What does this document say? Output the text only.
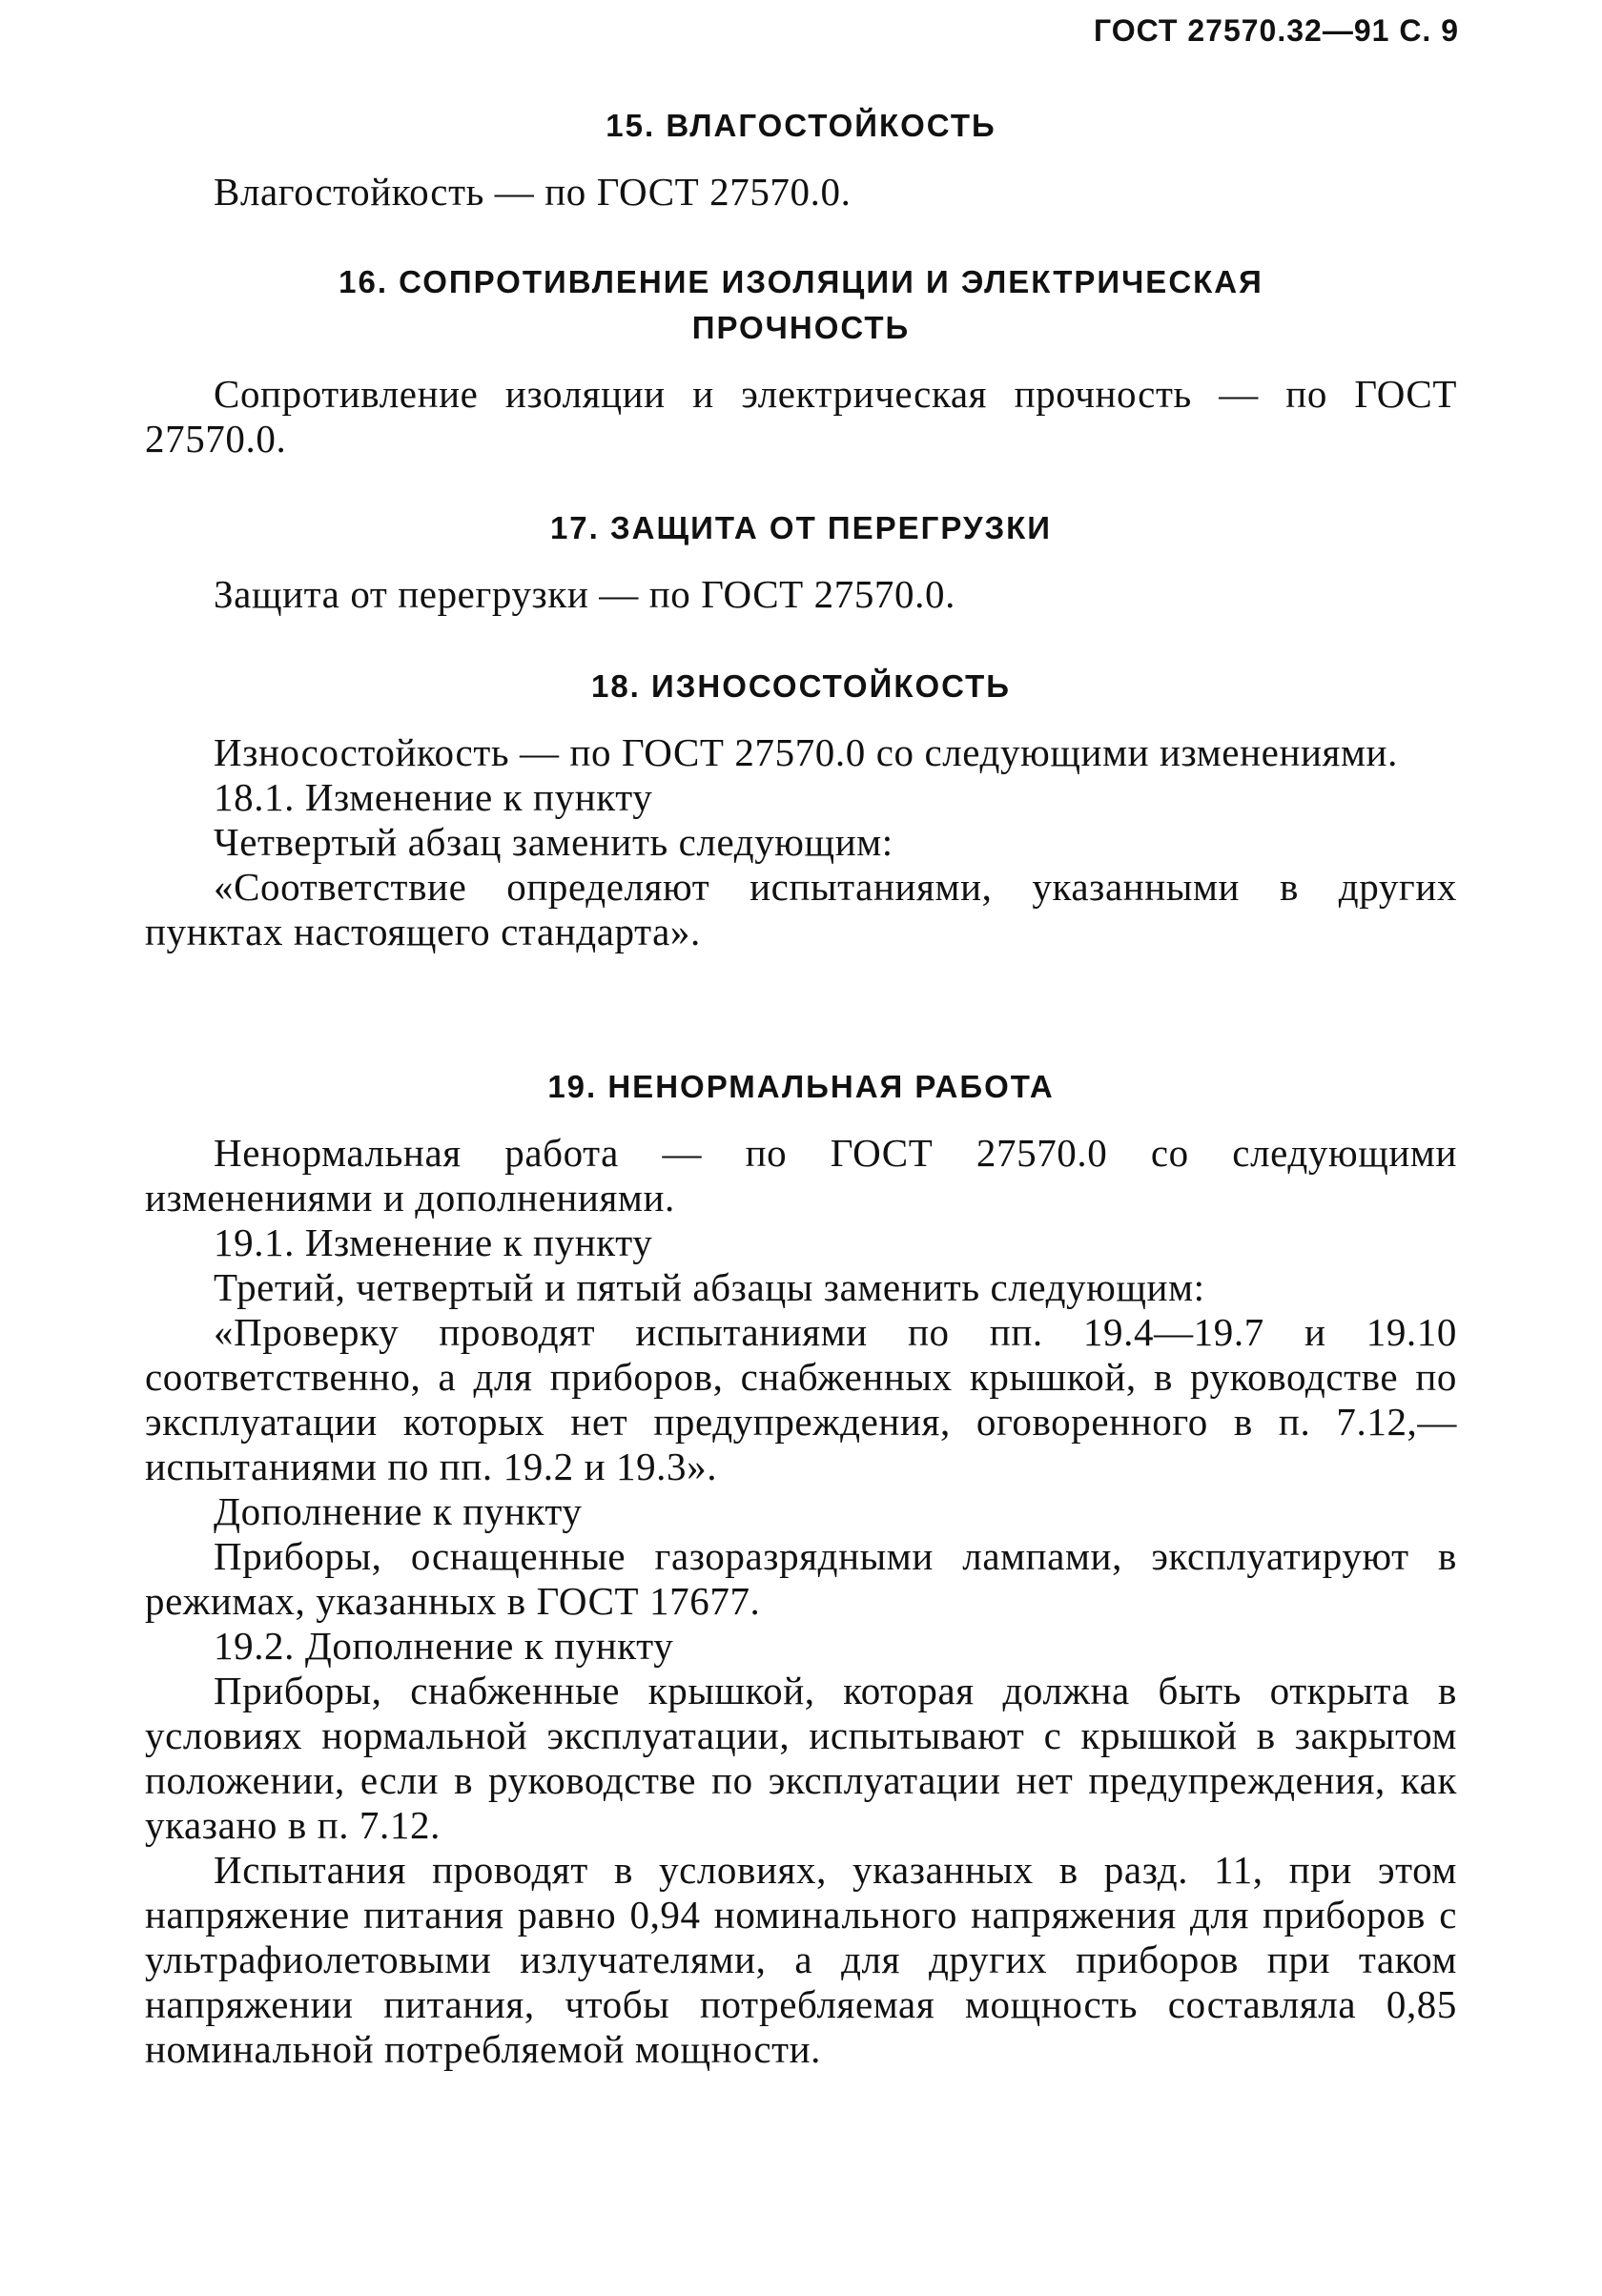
ГОСТ 27570.32—91 С. 9

15. ВЛАГОСТОЙКОСТЬ

Влагостойкость — по ГОСТ 27570.0.

16. СОПРОТИВЛЕНИЕ ИЗОЛЯЦИИ И ЭЛЕКТРИЧЕСКАЯ

ПРОЧНОСТЬ

Сопротивление изоляции и электрическая прочность — по ГОСТ 27570.0.

17. ЗАЩИТА ОТ ПЕРЕГРУЗКИ

Защита от перегрузки — по ГОСТ 27570.0.

18. ИЗНОСОСТОЙКОСТЬ

Износостойкость — по ГОСТ 27570.0 со следующими изменениями.

18.1. Изменение к пункту

Четвертый абзац заменить следующим:

«Соответствие определяют испытаниями, указанными в других пунктах настоящего стандарта».

19. НЕНОРМАЛЬНАЯ РАБОТА

Ненормальная работа — по ГОСТ 27570.0 со следующими изменениями и дополнениями.

19.1. Изменение к пункту

Третий, четвертый и пятый абзацы заменить следующим:

«Проверку проводят испытаниями по пп. 19.4—19.7 и 19.10 соответственно, а для приборов, снабженных крышкой, в руководстве по эксплуатации которых нет предупреждения, оговоренного в п. 7.12,— испытаниями по пп. 19.2 и 19.3».

Дополнение к пункту

Приборы, оснащенные газоразрядными лампами, эксплуатируют в режимах, указанных в ГОСТ 17677.

19.2. Дополнение к пункту

Приборы, снабженные крышкой, которая должна быть открыта в условиях нормальной эксплуатации, испытывают с крышкой в закрытом положении, если в руководстве по эксплуатации нет предупреждения, как указано в п. 7.12.

Испытания проводят в условиях, указанных в разд. 11, при этом напряжение питания равно 0,94 номинального напряжения для приборов с ультрафиолетовыми излучателями, а для других приборов при таком напряжении питания, чтобы потребляемая мощность составляла 0,85 номинальной потребляемой мощности.
